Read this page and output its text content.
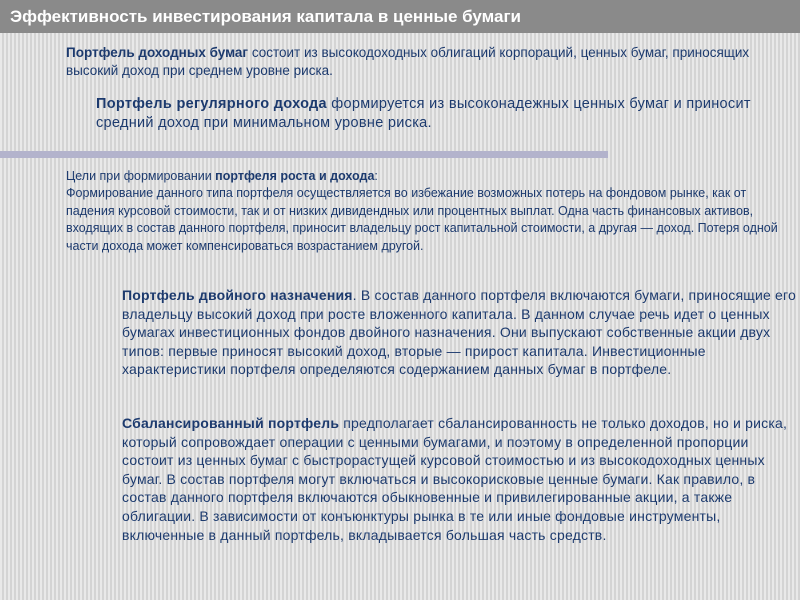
Эффективность инвестирования капитала в ценные бумаги

Портфель доходных бумаг состоит из высокодоходных облигаций корпораций, ценных бумаг, приносящих высокий доход при среднем уровне риска.

Портфель регулярного дохода формируется из высоконадежных ценных бумаг и приносит средний доход при минимальном уровне риска.

Цели при формировании портфеля роста и дохода:
Формирование данного типа портфеля осуществляется во избежание возможных потерь на фондовом рынке, как от падения курсовой стоимости, так и от низких дивидендных или процентных выплат. Одна часть финансовых активов, входящих в состав данного портфеля, приносит владельцу рост капитальной стоимости, а другая — доход. Потеря одной части дохода может компенсироваться возрастанием другой.

Портфель двойного назначения. В состав данного портфеля включаются бумаги, приносящие его владельцу высокий доход при росте вложенного капитала. В данном случае речь идет о ценных бумагах инвестиционных фондов двойного назначения. Они выпускают собственные акции двух типов: первые приносят высокий доход, вторые — прирост капитала. Инвестиционные характеристики портфеля определяются содержанием данных бумаг в портфеле.

Сбалансированный портфель предполагает сбалансированность не только доходов, но и риска, который сопровождает операции с ценными бумагами, и поэтому в определенной пропорции состоит из ценных бумаг с быстрорастущей курсовой стоимостью и из высокодоходных ценных бумаг. В состав портфеля могут включаться и высокорисковые ценные бумаги. Как правило, в состав данного портфеля включаются обыкновенные и привилегированные акции, а также облигации. В зависимости от конъюнктуры рынка в те или иные фондовые инструменты, включенные в данный портфель, вкладывается большая часть средств.
